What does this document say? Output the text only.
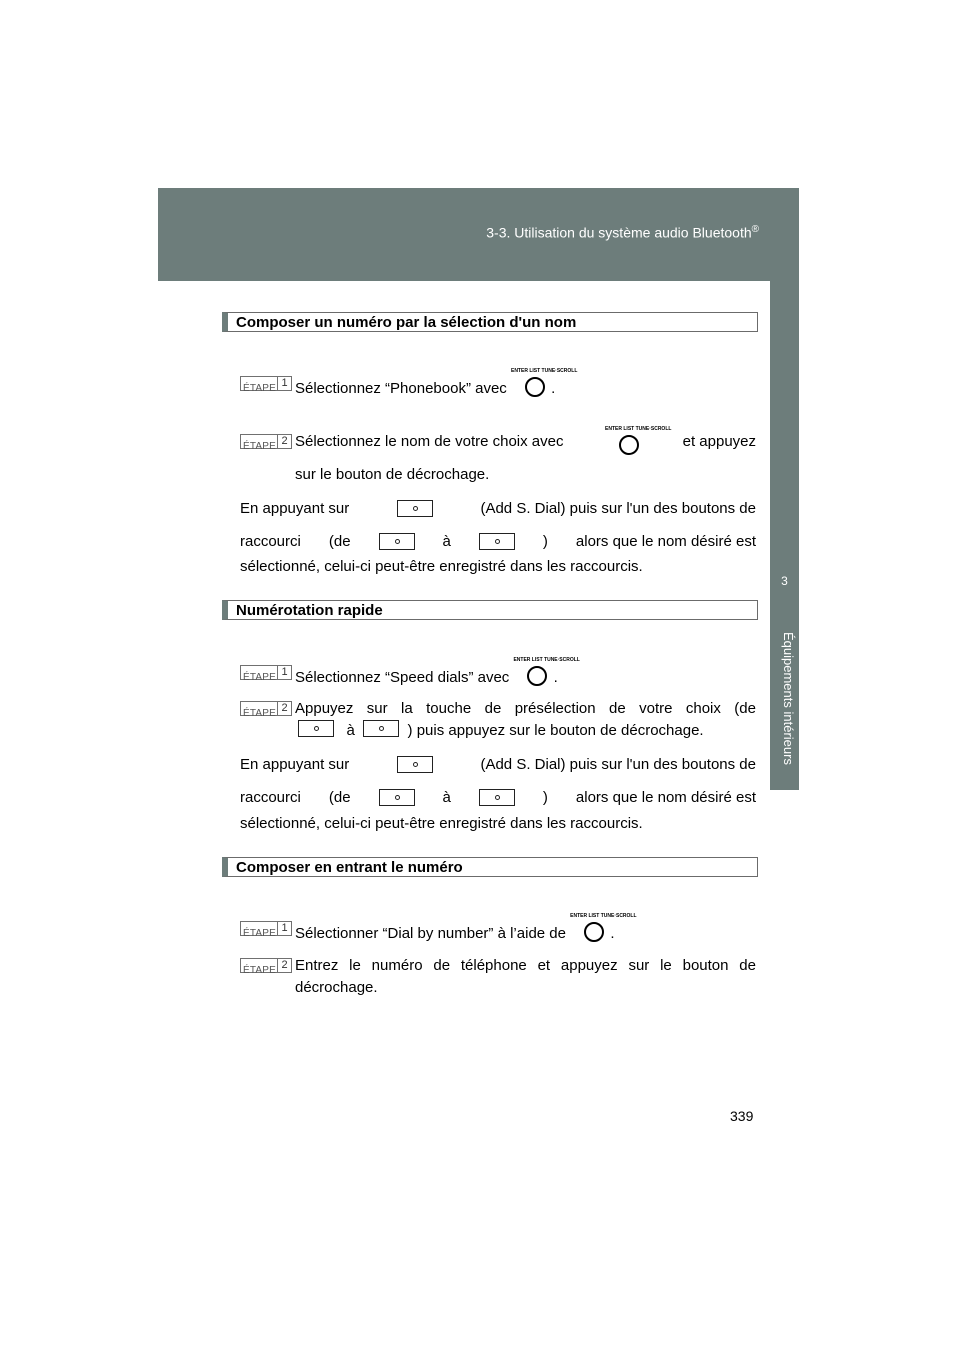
3-3. Utilisation du système audio Bluetooth®
3
Équipements intérieurs
Composer un numéro par la sélection d'un nom
ÉTAPE 1 Sélectionnez “Phonebook” avec
ENTER LIST TUNE·SCROLL
.
ÉTAPE 2 Sélectionnez le nom de votre choix avec
ENTER LIST TUNE·SCROLL
et appuyez
sur le bouton de décrochage.
En appuyant sur	(Add S. Dial) puis sur l'un des boutons de
raccourci (de	à	) alors que le nom désiré est
sélectionné, celui-ci peut-être enregistré dans les raccourcis.
Numérotation rapide
ÉTAPE 1 Sélectionnez “Speed dials” avec
ENTER LIST TUNE·SCROLL
.
ÉTAPE 2 Appuyez sur la touche de présélection de votre choix (de
à	) puis appuyez sur le bouton de décrochage.
En appuyant sur	(Add S. Dial) puis sur l'un des boutons de
raccourci (de	à	) alors que le nom désiré est
sélectionné, celui-ci peut-être enregistré dans les raccourcis.
Composer en entrant le numéro
ÉTAPE 1 Sélectionner “Dial by number” à l’aide de
ENTER LIST TUNE·SCROLL
.
ÉTAPE 2 Entrez le numéro de téléphone et appuyez sur le bouton de
décrochage.
339
